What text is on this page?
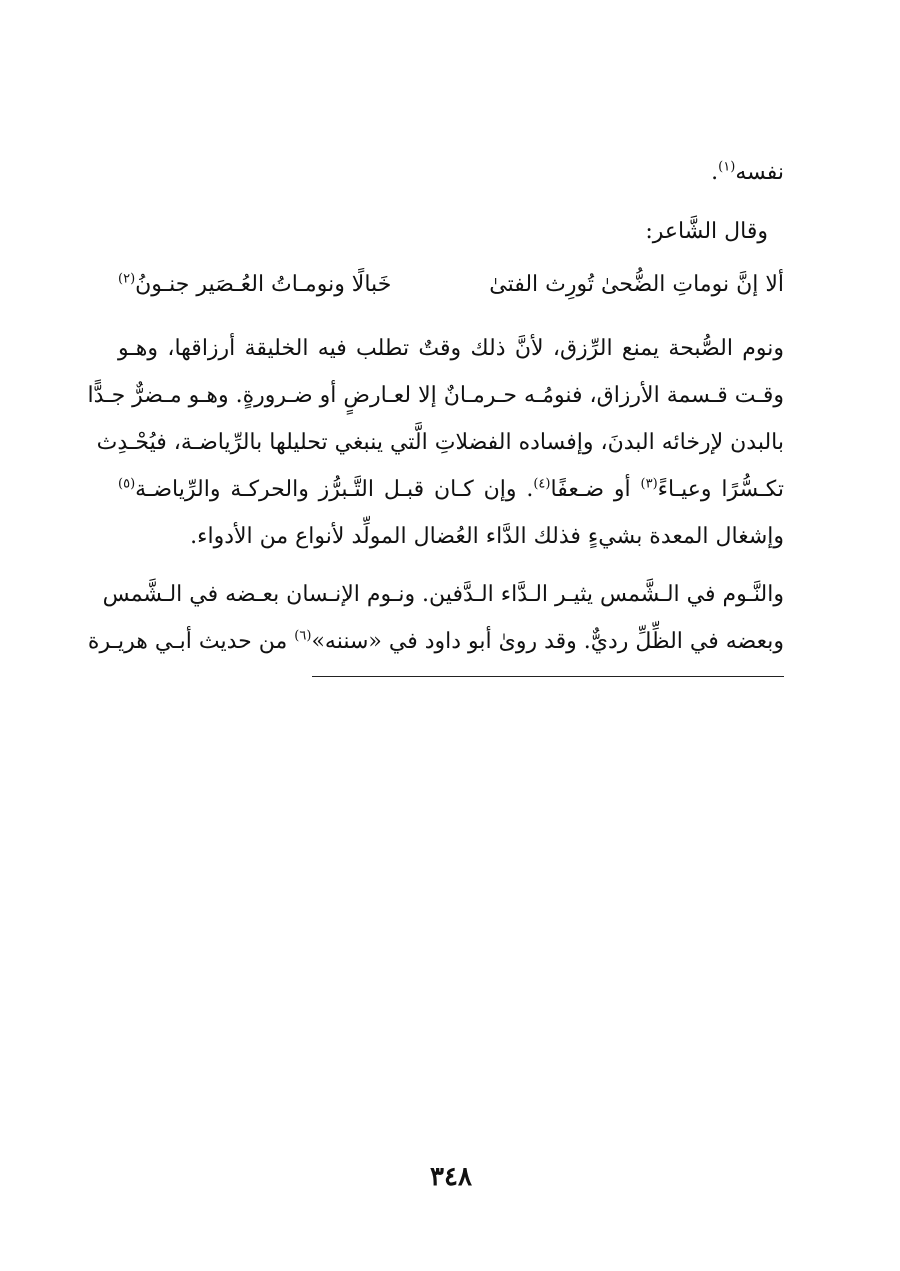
نفسه$^{(١)}$.
وقال الشَّاعر:
ألا إنَّ نوماتِ الضُّحىٰ تُورِث الفتىٰ
خَبالًا ونومـاتُ العُـصَير جنـونُ$^{(٢)}$
ونوم الصُّبحة يمنع الرِّزق، لأنَّ ذلك وقتٌ تطلب فيه الخليقة أرزاقها، وهـو
وقـت قـسمة الأرزاق، فنومُـه حـرمـانٌ إلا لعـارضٍ أو ضـرورةٍ. وهـو مـضرٌّ جـدًّا
بالبدن لإرخائه البدنَ، وإفساده الفضلاتِ الَّتي ينبغي تحليلها بالرِّياضـة، فيُحْـدِث
تكـسُّرًا وعيـاءً$^{(٣)}$ أو ضـعفًا$^{(٤)}$. وإن كـان قبـل التَّـبرُّز والحركـة والرِّياضـة$^{(٥)}$
وإشغال المعدة بشيءٍ فذلك الدَّاء العُضال المولِّد لأنواع من الأدواء.
والنَّـوم في الـشَّمس يثيـر الـدَّاء الـدَّفين. ونـوم الإنـسان بعـضه في الـشَّمس
وبعضه في الظِّلِّ رديٌّ. وقد روىٰ أبو داود في «سننه»$^{(٦)}$ من حديث أبـي هريـرة
٣٤٨
